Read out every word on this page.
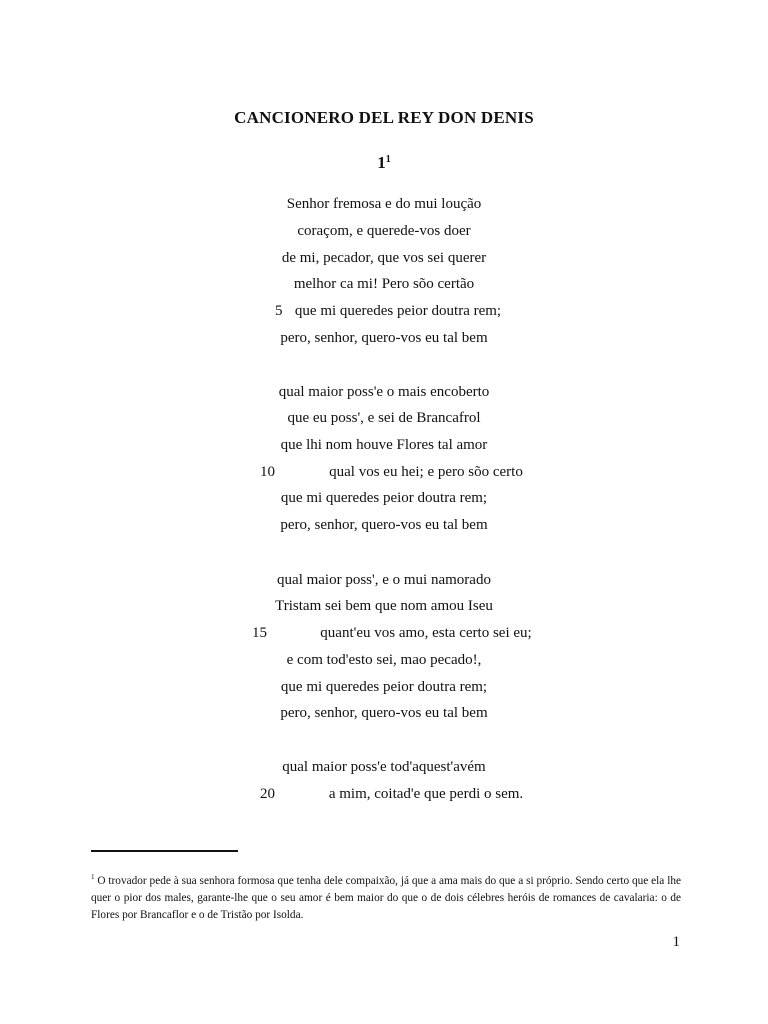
CANCIONERO DEL REY DON DENIS
$1^1$
Senhor fremosa e do mui loução
coraçom, e querede-vos doer
de mi, pecador, que vos sei querer
melhor ca mi! Pero sõo certão
5 que mi queredes peior doutra rem;
pero, senhor, quero-vos eu tal bem
qual maior poss'e o mais encoberto
que eu poss', e sei de Brancafrol
que lhi nom houve Flores tal amor
10	qual vos eu hei; e pero sõo certo
que mi queredes peior doutra rem;
pero, senhor, quero-vos eu tal bem
qual maior poss', e o mui namorado
Tristam sei bem que nom amou Iseu
15	quant'eu vos amo, esta certo sei eu;
e com tod'esto sei, mao pecado!,
que mi queredes peior doutra rem;
pero, senhor, quero-vos eu tal bem
qual maior poss'e tod'aquest'avém
20	a mim, coitad'e que perdi o sem.
$^1$ O trovador pede à sua senhora formosa que tenha dele compaixão, já que a ama mais do que a si próprio. Sendo certo que ela lhe quer o pior dos males, garante-lhe que o seu amor é bem maior do que o de dois célebres heróis de romances de cavalaria: o de Flores por Brancaflor e o de Tristão por Isolda.
1
